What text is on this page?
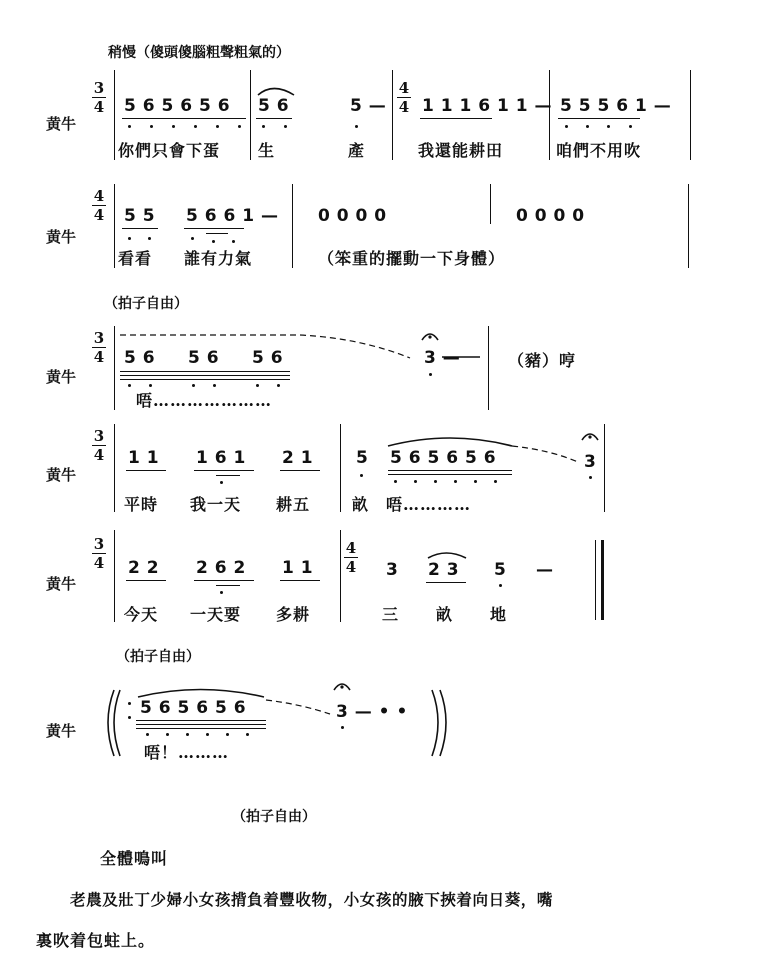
稍慢（傻頭傻腦粗聲粗氣的）
黄牛
3
4
4
4
5 6 5 6 5 6 5 6	5 — 1 1 1 6 1 1 — 5 5 5 6 1 —
你們只會下蛋 生	產	我還能耕田	咱們不用吹
黄牛
4
4 5 5 5 6 6 1 — 0 0 0 0	0 0 0 0
看看 誰有力氣	（笨重的擺動一下身體）
（拍子自由）
黄牛
3
4 5 6 5 6 5 6	3 —
唔…………………
（豬）哼
黄牛
3
4 1 1 1 6 1 2 1	5 5 6 5 6 5 6	3
平時 我一天 耕五	畝 唔…………
黄牛
3
4
4
4
2 2 2 6 2 1 1	3 2 3 5 —
今天 一天要 多耕	三 畝 地
（拍子自由）
黄牛
5 6 5 6 5 6	3 — • •
唔！………
（拍子自由）
全體鳴叫
老農及壯丁少婦小女孩揹負着豐收物，小女孩的腋下挾着向日葵，嘴
裏吹着包蛀上。
